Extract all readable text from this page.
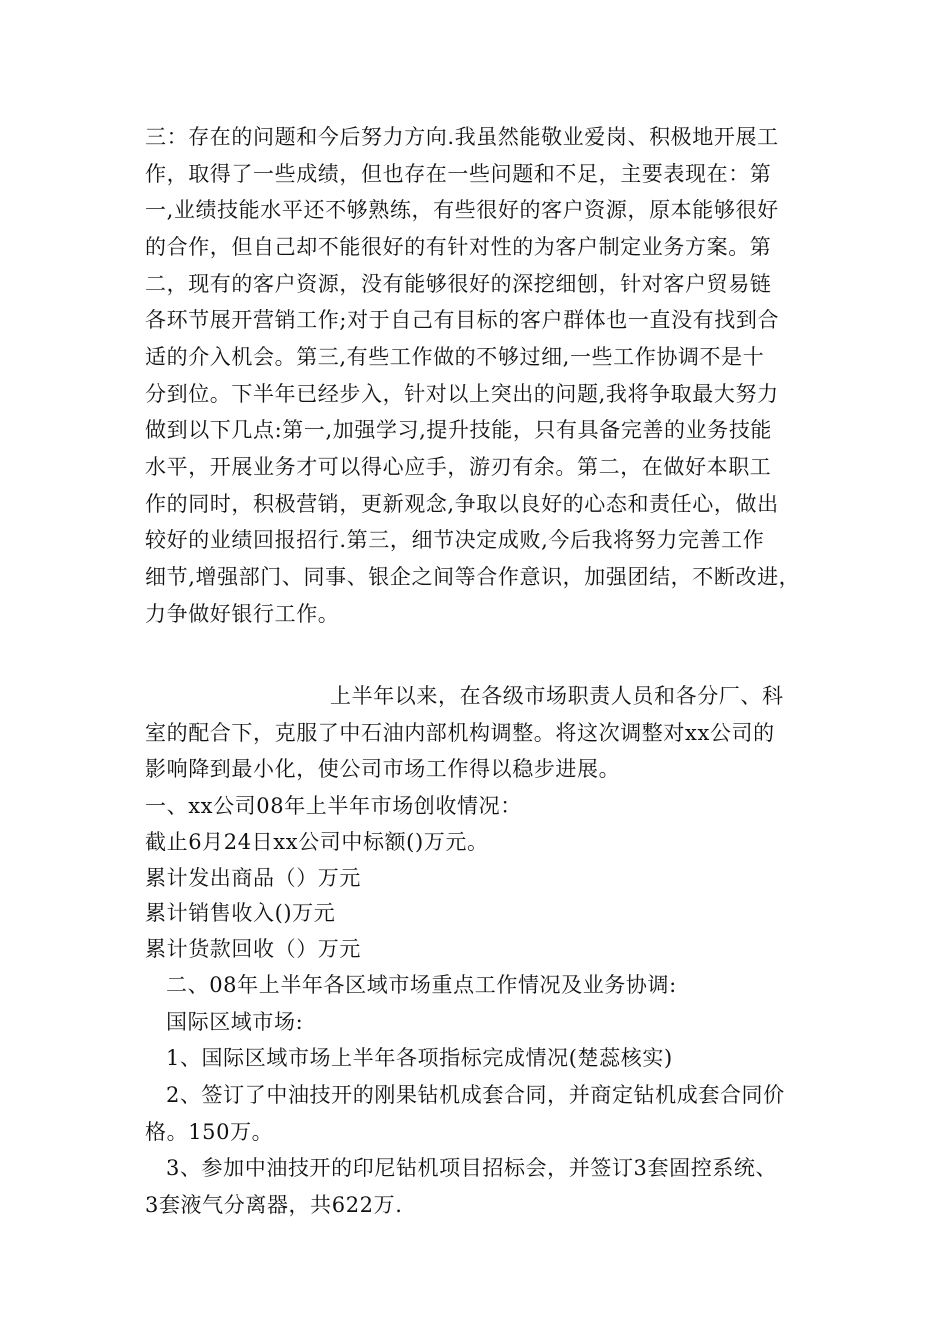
三：存在的问题和今后努力方向.我虽然能敬业爱岗、积极地开展工
作，取得了一些成绩，但也存在一些问题和不足，主要表现在：第
一,业绩技能水平还不够熟练，有些很好的客户资源，原本能够很好
的合作，但自己却不能很好的有针对性的为客户制定业务方案。第
二，现有的客户资源，没有能够很好的深挖细刨，针对客户贸易链
各环节展开营销工作;对于自己有目标的客户群体也一直没有找到合
适的介入机会。第三,有些工作做的不够过细,一些工作协调不是十
分到位。下半年已经步入，针对以上突出的问题,我将争取最大努力
做到以下几点:第一,加强学习,提升技能，只有具备完善的业务技能
水平，开展业务才可以得心应手，游刃有余。第二，在做好本职工
作的同时，积极营销，更新观念,争取以良好的心态和责任心，做出
较好的业绩回报招行.第三，细节决定成败,今后我将努力完善工作
细节,增强部门、同事、银企之间等合作意识，加强团结，不断改进，
力争做好银行工作。
上半年以来，在各级市场职责人员和各分厂、科
室的配合下，克服了中石油内部机构调整。将这次调整对xx公司的
影响降到最小化，使公司市场工作得以稳步进展。
一、xx公司08年上半年市场创收情况：
截止6月24日xx公司中标额()万元。
累计发出商品（）万元
累计销售收入()万元
累计货款回收（）万元
二、08年上半年各区域市场重点工作情况及业务协调:
国际区域市场:
1、国际区域市场上半年各项指标完成情况(楚蕊核实)
2、签订了中油技开的刚果钻机成套合同，并商定钻机成套合同价
格。150万。
3、参加中油技开的印尼钻机项目招标会，并签订3套固控系统、
3套液气分离器，共622万.
